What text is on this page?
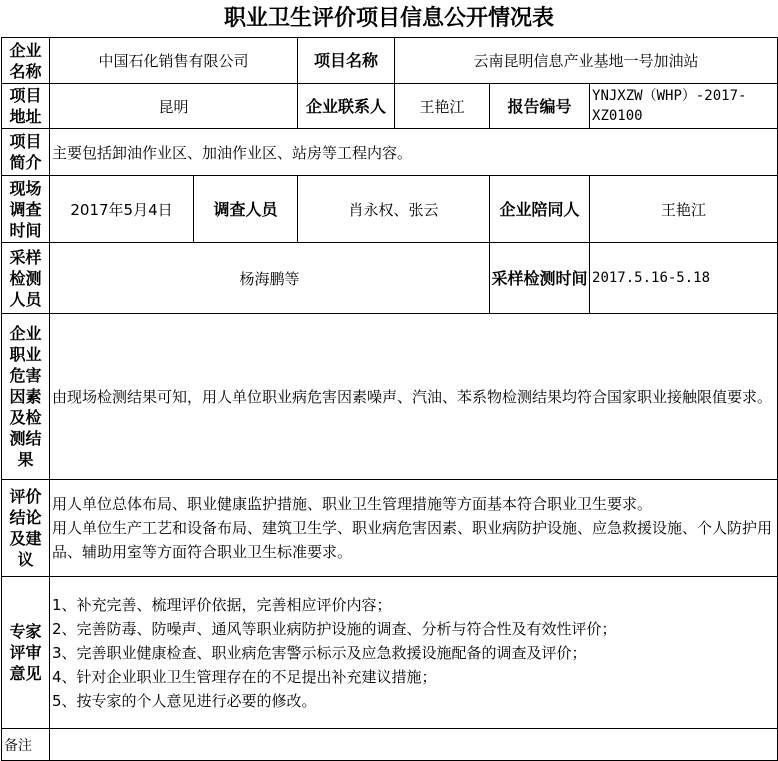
职业卫生评价项目信息公开情况表
企业名称	中国石化销售有限公司		项目名称	云南昆明信息产业基地一号加油站		
项目地址	昆明		企业联系人	王艳江	报告编号	YNJXZW（WHP）-2017-XZ0100
项目简介	主要包括卸油作业区、加油作业区、站房等工程内容。					
现场调查时间	2017年5月4日	调查人员	肖永权、张云		企业陪同人	王艳江
采样检测人员	杨海鹏等				采样检测时间	2017.5.16-5.18
企业职业危害因素及检测结果	由现场检测结果可知，用人单位职业病危害因素噪声、汽油、苯系物检测结果均符合国家职业接触限值要求。					
评价结论及建议	用人单位总体布局、职业健康监护措施、职业卫生管理措施等方面基本符合职业卫生要求。
用人单位生产工艺和设备布局、建筑卫生学、职业病危害因素、职业病防护设施、应急救援设施、个人防护用品、辅助用室等方面符合职业卫生标准要求。					

专家评审意见	1、补充完善、梳理评价依据，完善相应评价内容；
2、完善防毒、防噪声、通风等职业病防护设施的调查、分析与符合性及有效性评价；
3、完善职业健康检查、职业病危害警示标示及应急救援设施配备的调查及评价；
4、针对企业职业卫生管理存在的不足提出补充建议措施；
5、按专家的个人意见进行必要的修改。					

备注						
